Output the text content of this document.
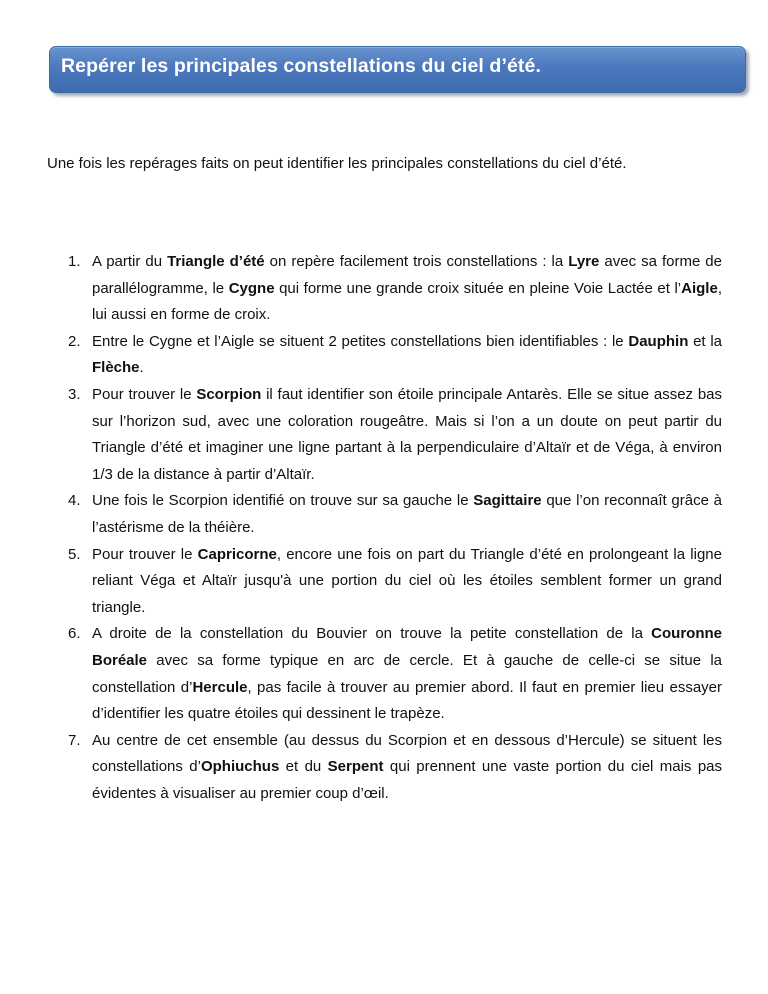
Repérer les principales constellations du ciel d’été.

Une fois les repérages faits on peut identifier les principales constellations du ciel d’été.

1. A partir du Triangle d’été on repère facilement trois constellations : la Lyre avec sa forme de parallélogramme, le Cygne qui forme une grande croix située en pleine Voie Lactée et l’Aigle, lui aussi en forme de croix.
2. Entre le Cygne et l’Aigle se situent 2 petites constellations bien identifiables : le Dauphin et la Flèche.
3. Pour trouver le Scorpion il faut identifier son étoile principale Antarès. Elle se situe assez bas sur l’horizon sud, avec une coloration rougeâtre. Mais si l’on a un doute on peut partir du Triangle d’été et imaginer une ligne partant à la perpendiculaire d’Altaïr et de Véga, à environ 1/3 de la distance à partir d’Altaïr.
4. Une fois le Scorpion identifié on trouve sur sa gauche le Sagittaire que l’on reconnaît grâce à l’astérisme de la théière.
5. Pour trouver le Capricorne, encore une fois on part du Triangle d’été en prolongeant la ligne reliant Véga et Altaïr jusqu'à une portion du ciel où les étoiles semblent former un grand triangle.
6. A droite de la constellation du Bouvier on trouve la petite constellation de la Couronne Boréale avec sa forme typique en arc de cercle. Et à gauche de celle-ci se situe la constellation d’Hercule, pas facile à trouver au premier abord. Il faut en premier lieu essayer d’identifier les quatre étoiles qui dessinent le trapèze.
7. Au centre de cet ensemble (au dessus du Scorpion et en dessous d’Hercule) se situent les constellations d’Ophiuchus et du Serpent qui prennent une vaste portion du ciel mais pas évidentes à visualiser au premier coup d’œil.
